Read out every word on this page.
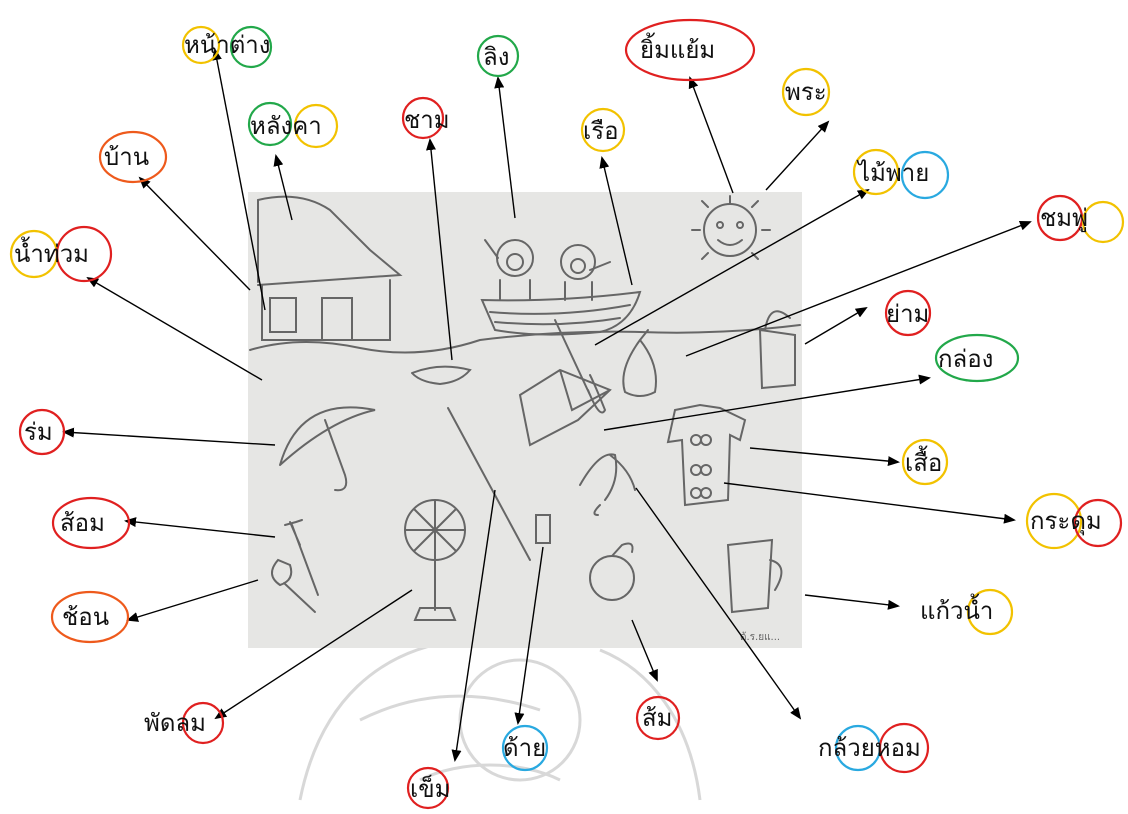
ด้.ร.ยแ...
หน้าต่าง	ลิง	ยิ้มแย้ม
พระ
หลังคา	ชาม	เรือ
บ้าน
ไม้พาย
ชมพู่
น้ำท่วม
ย่าม
กล่อง
ร่ม
เสื้อ
ส้อม	กระดุม
ช้อน	แก้วน้ำ
พัดลม
ด้าย
ส้ม
กล้วยหอม
เข็ม
